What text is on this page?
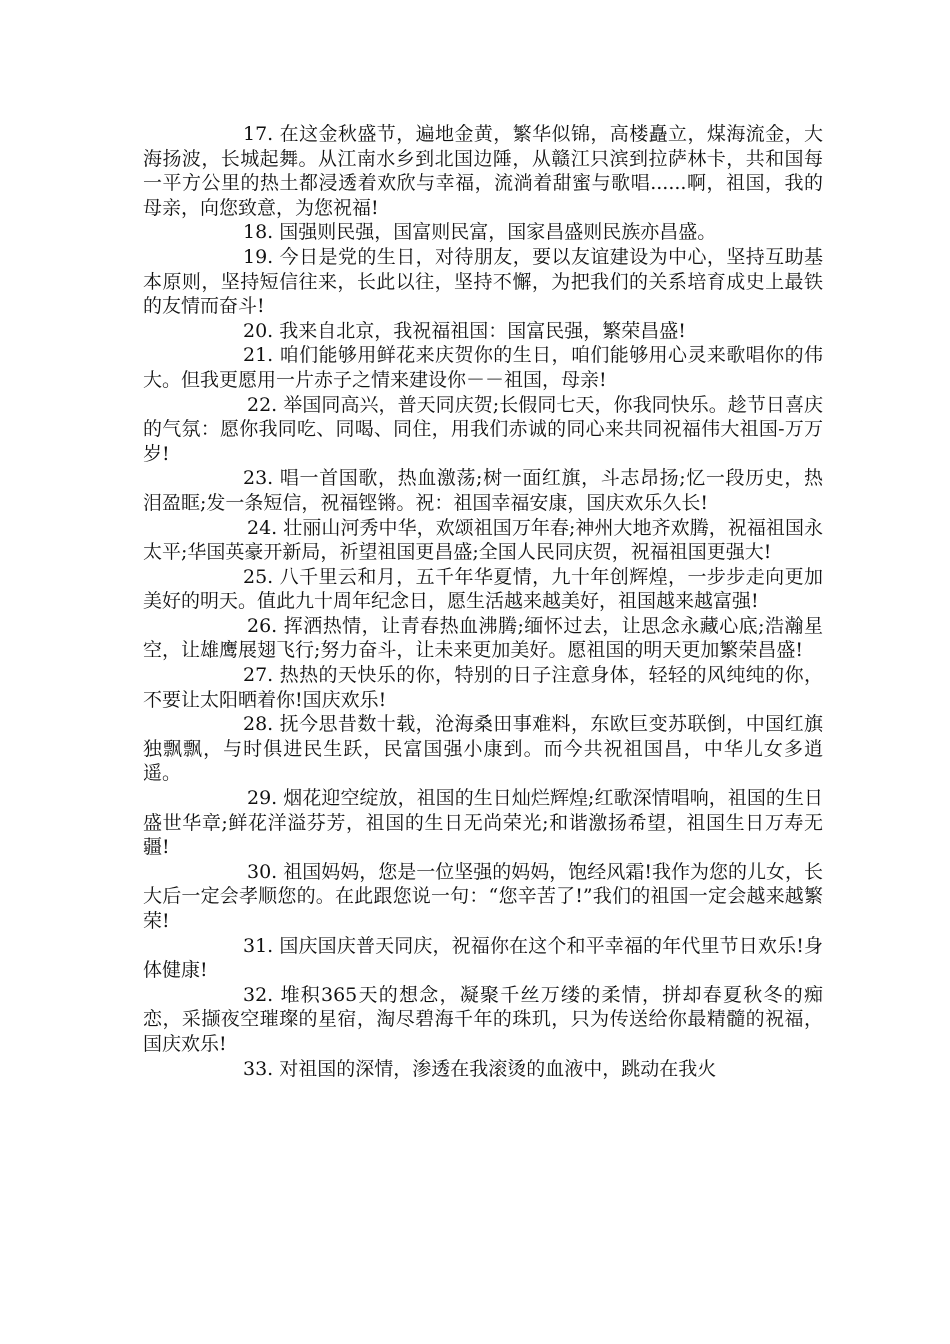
17. 在这金秋盛节，遍地金黄，繁华似锦，高楼矗立，煤海流金，大海扬波，长城起舞。从江南水乡到北国边陲，从赣江只滨到拉萨林卡，共和国每一平方公里的热土都浸透着欢欣与幸福，流淌着甜蜜与歌唱......啊，祖国，我的母亲，向您致意，为您祝福!

18. 国强则民强，国富则民富，国家昌盛则民族亦昌盛。

19. 今日是党的生日，对待朋友，要以友谊建设为中心，坚持互助基本原则，坚持短信往来，长此以往，坚持不懈，为把我们的关系培育成史上最铁的友情而奋斗!

20. 我来自北京，我祝福祖国：国富民强，繁荣昌盛!

21. 咱们能够用鲜花来庆贺你的生日，咱们能够用心灵来歌唱你的伟大。但我更愿用一片赤子之情来建设你－－祖国，母亲!

22. 举国同高兴，普天同庆贺;长假同七天，你我同快乐。趁节日喜庆的气氛：愿你我同吃、同喝、同住，用我们赤诚的同心来共同祝福伟大祖国-万万岁!

23. 唱一首国歌，热血激荡;树一面红旗，斗志昂扬;忆一段历史，热泪盈眶;发一条短信，祝福铿锵。祝：祖国幸福安康，国庆欢乐久长!

24. 壮丽山河秀中华，欢颂祖国万年春;神州大地齐欢腾，祝福祖国永太平;华国英豪开新局，祈望祖国更昌盛;全国人民同庆贺，祝福祖国更强大!

25. 八千里云和月，五千年华夏情，九十年创辉煌，一步步走向更加美好的明天。值此九十周年纪念日，愿生活越来越美好，祖国越来越富强!

26. 挥洒热情，让青春热血沸腾;缅怀过去，让思念永藏心底;浩瀚星空，让雄鹰展翅飞行;努力奋斗，让未来更加美好。愿祖国的明天更加繁荣昌盛!

27. 热热的天快乐的你，特别的日子注意身体，轻轻的风纯纯的你，不要让太阳晒着你!国庆欢乐!

28. 抚今思昔数十载，沧海桑田事难料，东欧巨变苏联倒，中国红旗独飘飘，与时俱进民生跃，民富国强小康到。而今共祝祖国昌，中华儿女多逍遥。

29. 烟花迎空绽放，祖国的生日灿烂辉煌;红歌深情唱响，祖国的生日盛世华章;鲜花洋溢芬芳，祖国的生日无尚荣光;和谐激扬希望，祖国生日万寿无疆!

30. 祖国妈妈，您是一位坚强的妈妈，饱经风霜!我作为您的儿女，长大后一定会孝顺您的。在此跟您说一句：“您辛苦了!”我们的祖国一定会越来越繁荣!

31. 国庆国庆普天同庆，祝福你在这个和平幸福的年代里节日欢乐!身体健康!

32. 堆积365天的想念，凝聚千丝万缕的柔情，拼却春夏秋冬的痴恋，采撷夜空璀璨的星宿，淘尽碧海千年的珠玑，只为传送给你最精髓的祝福，国庆欢乐!

33. 对祖国的深情，渗透在我滚烫的血液中，跳动在我火
